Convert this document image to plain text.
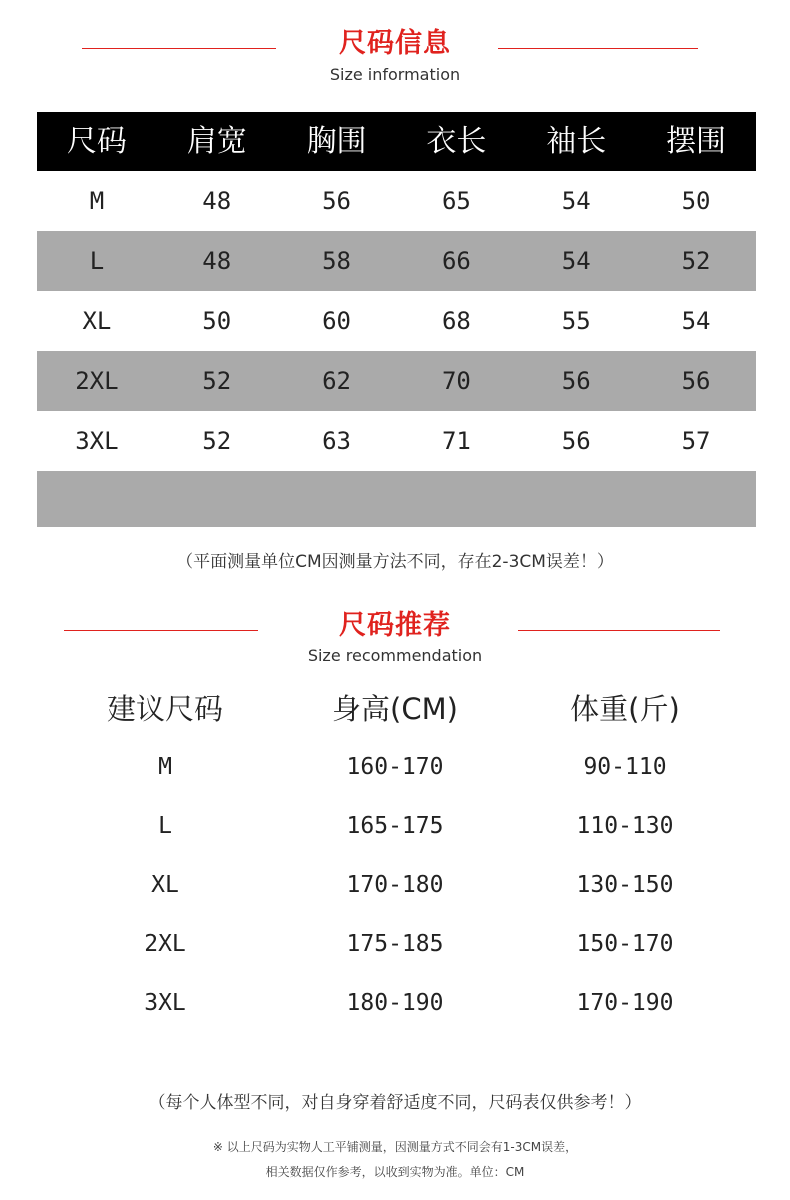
尺码信息
Size information
尺码	肩宽	胸围	衣长	袖长	摆围
M	48	56	65	54	50
L	48	58	66	54	52
XL	50	60	68	55	54
2XL	52	62	70	56	56
3XL	52	63	71	56	57

（平面测量单位CM因测量方法不同，存在2-3CM误差！）
尺码推荐
Size recommendation
建议尺码	身高(CM)	体重(斤)
M	160-170	90-110
L	165-175	110-130
XL	170-180	130-150
2XL	175-185	150-170
3XL	180-190	170-190
（每个人体型不同，对自身穿着舒适度不同，尺码表仅供参考！）
※ 以上尺码为实物人工平铺测量，因测量方式不同会有1-3CM误差，
相关数据仅作参考，以收到实物为准。单位：CM
